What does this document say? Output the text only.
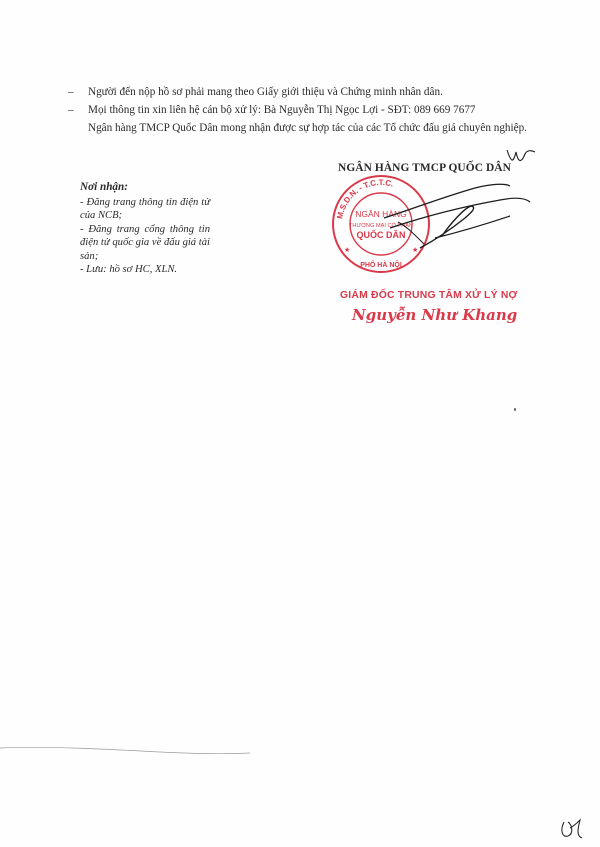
– Người đến nộp hồ sơ phải mang theo Giấy giới thiệu và Chứng minh nhân dân.
– Mọi thông tin xin liên hệ cán bộ xử lý: Bà Nguyễn Thị Ngọc Lợi - SĐT: 089 669 7677
Ngân hàng TMCP Quốc Dân mong nhận được sự hợp tác của các Tổ chức đấu giá chuyên nghiệp.
Nơi nhận:
- Đăng trang thông tin điện tử của NCB;
- Đăng trang cổng thông tin điện tử quốc gia về đấu giá tài sản;
- Lưu: hồ sơ HC, XLN.
NGÂN HÀNG TMCP QUỐC DÂN
M.S.D.N. - T.C.T.C.
NGÂN HÀNG
THƯƠNG MẠI CỔ PHẦN
QUỐC DÂN
PHỐ HÀ NỘI
★	★
GIÁM ĐỐC TRUNG TÂM XỬ LÝ NỢ
Nguyễn Như Khang
